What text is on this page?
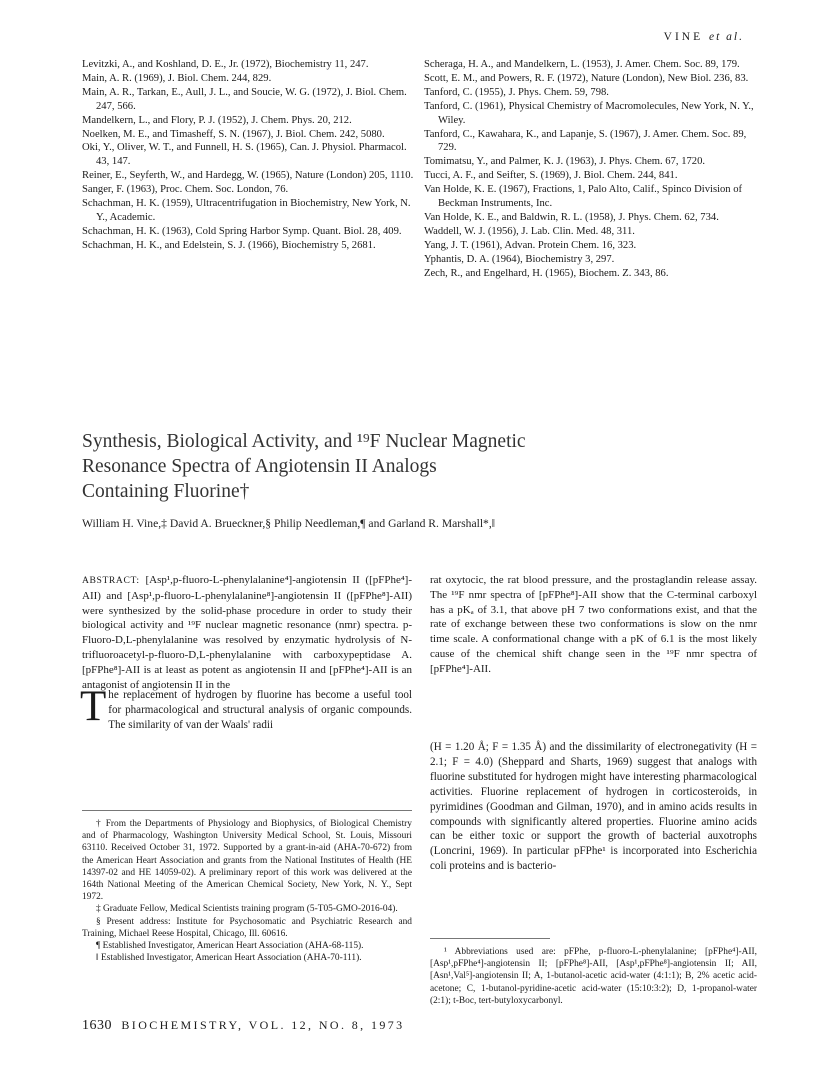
VINE et al.

Levitzki, A., and Koshland, D. E., Jr. (1972), Biochemistry 11, 247.

Main, A. R. (1969), J. Biol. Chem. 244, 829.

Main, A. R., Tarkan, E., Aull, J. L., and Soucie, W. G. (1972), J. Biol. Chem. 247, 566.

Mandelkern, L., and Flory, P. J. (1952), J. Chem. Phys. 20, 212.

Noelken, M. E., and Timasheff, S. N. (1967), J. Biol. Chem. 242, 5080.

Oki, Y., Oliver, W. T., and Funnell, H. S. (1965), Can. J. Physiol. Pharmacol. 43, 147.

Reiner, E., Seyferth, W., and Hardegg, W. (1965), Nature (London) 205, 1110.

Sanger, F. (1963), Proc. Chem. Soc. London, 76.

Schachman, H. K. (1959), Ultracentrifugation in Biochemistry, New York, N. Y., Academic.

Schachman, H. K. (1963), Cold Spring Harbor Symp. Quant. Biol. 28, 409.

Schachman, H. K., and Edelstein, S. J. (1966), Biochemistry 5, 2681.

Scheraga, H. A., and Mandelkern, L. (1953), J. Amer. Chem. Soc. 89, 179.

Scott, E. M., and Powers, R. F. (1972), Nature (London), New Biol. 236, 83.

Tanford, C. (1955), J. Phys. Chem. 59, 798.

Tanford, C. (1961), Physical Chemistry of Macromolecules, New York, N. Y., Wiley.

Tanford, C., Kawahara, K., and Lapanje, S. (1967), J. Amer. Chem. Soc. 89, 729.

Tomimatsu, Y., and Palmer, K. J. (1963), J. Phys. Chem. 67, 1720.

Tucci, A. F., and Seifter, S. (1969), J. Biol. Chem. 244, 841.

Van Holde, K. E. (1967), Fractions, 1, Palo Alto, Calif., Spinco Division of Beckman Instruments, Inc.

Van Holde, K. E., and Baldwin, R. L. (1958), J. Phys. Chem. 62, 734.

Waddell, W. J. (1956), J. Lab. Clin. Med. 48, 311.

Yang, J. T. (1961), Advan. Protein Chem. 16, 323.

Yphantis, D. A. (1964), Biochemistry 3, 297.

Zech, R., and Engelhard, H. (1965), Biochem. Z. 343, 86.

Synthesis, Biological Activity, and ¹⁹F Nuclear Magnetic

Resonance Spectra of Angiotensin II Analogs

Containing Fluorine†

William H. Vine,‡ David A. Brueckner,§ Philip Needleman,¶ and Garland R. Marshall*,‖
ABSTRACT: [Asp¹,p-fluoro-L-phenylalanine⁴]-angiotensin II ([pFPhe⁴]-AII) and [Asp¹,p-fluoro-L-phenylalanine⁸]-angiotensin II ([pFPhe⁸]-AII) were synthesized by the solid-phase procedure in order to study their biological activity and ¹⁹F nuclear magnetic resonance (nmr) spectra. p-Fluoro-D,L-phenylalanine was resolved by enzymatic hydrolysis of N-trifluoroacetyl-p-fluoro-D,L-phenylalanine with carboxypeptidase A. [pFPhe⁸]-AII is at least as potent as angiotensin II and [pFPhe⁴]-AII is an antagonist of angiotensin II in the
rat oxytocic, the rat blood pressure, and the prostaglandin release assay. The ¹⁹F nmr spectra of [pFPhe⁸]-AII show that the C-terminal carboxyl has a pKₐ of 3.1, that above pH 7 two conformations exist, and that the rate of exchange between these two conformations is slow on the nmr time scale. A conformational change with a pK of 6.1 is the most likely cause of the chemical shift change seen in the ¹⁹F nmr spectra of [pFPhe⁴]-AII.
T he replacement of hydrogen by fluorine has become a useful tool for pharmacological and structural analysis of organic compounds. The similarity of van der Waals' radii

† From the Departments of Physiology and Biophysics, of Biological Chemistry and of Pharmacology, Washington University Medical School, St. Louis, Missouri 63110. Received October 31, 1972. Supported by a grant-in-aid (AHA-70-672) from the American Heart Association and grants from the National Institutes of Health (HE 14397-02 and HE 14059-02). A preliminary report of this work was delivered at the 164th National Meeting of the American Chemical Society, New York, N. Y., Sept 1972.

‡ Graduate Fellow, Medical Scientists training program (5-T05-GMO-2016-04).

§ Present address: Institute for Psychosomatic and Psychiatric Research and Training, Michael Reese Hospital, Chicago, Ill. 60616.

¶ Established Investigator, American Heart Association (AHA-68-115).

‖ Established Investigator, American Heart Association (AHA-70-111).

(H = 1.20 Å; F = 1.35 Å) and the dissimilarity of electronegativity (H = 2.1; F = 4.0) (Sheppard and Sharts, 1969) suggest that analogs with fluorine substituted for hydrogen might have interesting pharmacological activities. Fluorine replacement of hydrogen in corticosteroids, in pyrimidines (Goodman and Gilman, 1970), and in amino acids results in compounds with significantly altered properties. Fluorine amino acids can be either toxic or support the growth of bacterial auxotrophs (Loncrini, 1969). In particular pFPhe¹ is incorporated into Escherichia coli proteins and is bacterio-

¹ Abbreviations used are: pFPhe, p-fluoro-L-phenylalanine; [pFPhe⁴]-AII, [Asp¹,pFPhe⁴]-angiotensin II; [pFPhe⁸]-AII, [Asp¹,pFPhe⁸]-angiotensin II; AII, [Asn¹,Val⁵]-angiotensin II; A, 1-butanol-acetic acid-water (4:1:1); B, 2% acetic acid-acetone; C, 1-butanol-pyridine-acetic acid-water (15:10:3:2); D, 1-propanol-water (2:1); t-Boc, tert-butyloxycarbonyl.

1630 BIOCHEMISTRY, VOL. 12, NO. 8, 1973
